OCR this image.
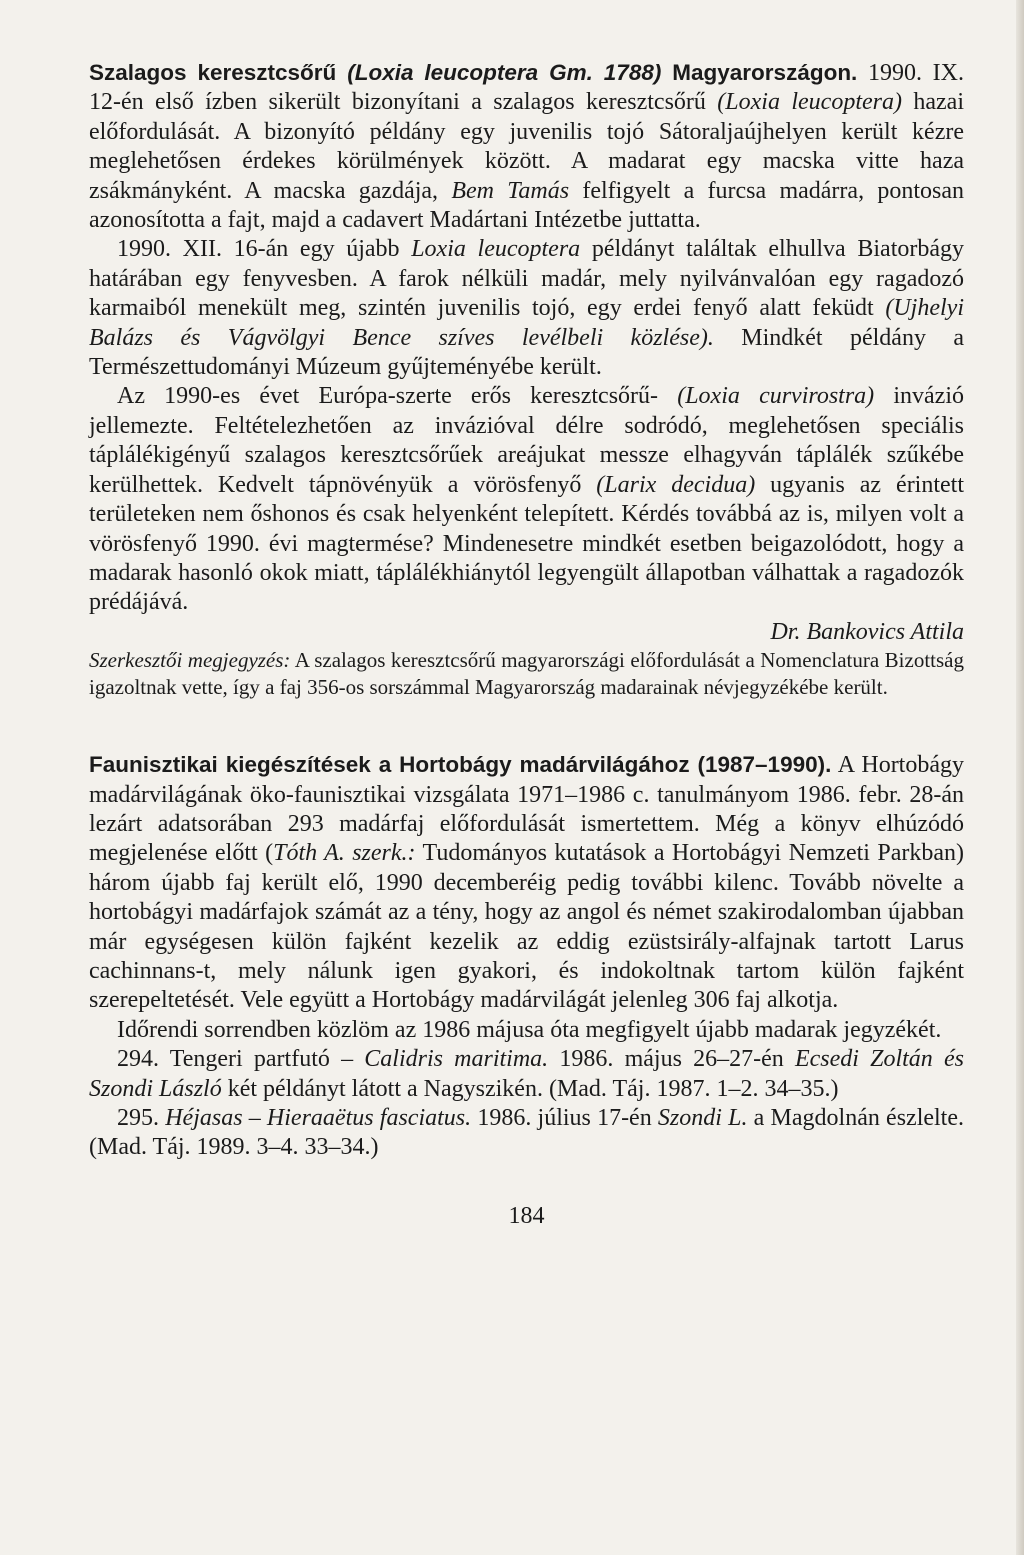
Szalagos keresztcsőrű (Loxia leucoptera Gm. 1788) Magyarországon. 1990. IX. 12-én első ízben sikerült bizonyítani a szalagos keresztcsőrű (Loxia leucoptera) hazai előfordulását. A bizonyító példány egy juvenilis tojó Sátoraljaújhelyen került kézre meglehetősen érdekes körülmények között. A madarat egy macska vitte haza zsákmányként. A macska gazdája, Bem Tamás felfigyelt a furcsa madárra, pontosan azonosította a fajt, majd a cadavert Madártani Intézetbe juttatta.

1990. XII. 16-án egy újabb Loxia leucoptera példányt találtak elhullva Biatorbágy határában egy fenyvesben. A farok nélküli madár, mely nyilvánvalóan egy ragadozó karmaiból menekült meg, szintén juvenilis tojó, egy erdei fenyő alatt feküdt (Ujhelyi Balázs és Vágvölgyi Bence szíves levélbeli közlése). Mindkét példány a Természettudományi Múzeum gyűjteményébe került.

Az 1990-es évet Európa-szerte erős keresztcsőrű- (Loxia curvirostra) invázió jellemezte. Feltételezhetően az invázióval délre sodródó, meglehetősen speciális táplálékigényű szalagos keresztcsőrűek areájukat messze elhagyván táplálék szűkébe kerülhettek. Kedvelt tápnövényük a vörösfenyő (Larix decidua) ugyanis az érintett területeken nem őshonos és csak helyenként telepített. Kérdés továbbá az is, milyen volt a vörösfenyő 1990. évi magtermése? Mindenesetre mindkét esetben beigazolódott, hogy a madarak hasonló okok miatt, táplálékhiánytól legyengült állapotban válhattak a ragadozók prédájává.

Dr. Bankovics Attila

Szerkesztői megjegyzés: A szalagos keresztcsőrű magyarországi előfordulását a Nomenclatura Bizottság igazoltnak vette, így a faj 356-os sorszámmal Magyarország madarainak névjegyzékébe került.

Faunisztikai kiegészítések a Hortobágy madárvilágához (1987–1990). A Hortobágy madárvilágának öko-faunisztikai vizsgálata 1971–1986 c. tanulmányom 1986. febr. 28-án lezárt adatsorában 293 madárfaj előfordulását ismertettem. Még a könyv elhúzódó megjelenése előtt (Tóth A. szerk.: Tudományos kutatások a Hortobágyi Nemzeti Parkban) három újabb faj került elő, 1990 decemberéig pedig további kilenc. Tovább növelte a hortobágyi madárfajok számát az a tény, hogy az angol és német szakirodalomban újabban már egységesen külön fajként kezelik az eddig ezüstsirály-alfajnak tartott Larus cachinnans-t, mely nálunk igen gyakori, és indokoltnak tartom külön fajként szerepeltetését. Vele együtt a Hortobágy madárvilágát jelenleg 306 faj alkotja.

Időrendi sorrendben közlöm az 1986 májusa óta megfigyelt újabb madarak jegyzékét.

294. Tengeri partfutó – Calidris maritima. 1986. május 26–27-én Ecsedi Zoltán és Szondi László két példányt látott a Nagyszikén. (Mad. Táj. 1987. 1–2. 34–35.)

295. Héjasas – Hieraaëtus fasciatus. 1986. július 17-én Szondi L. a Magdolnán észlelte. (Mad. Táj. 1989. 3–4. 33–34.)

184
